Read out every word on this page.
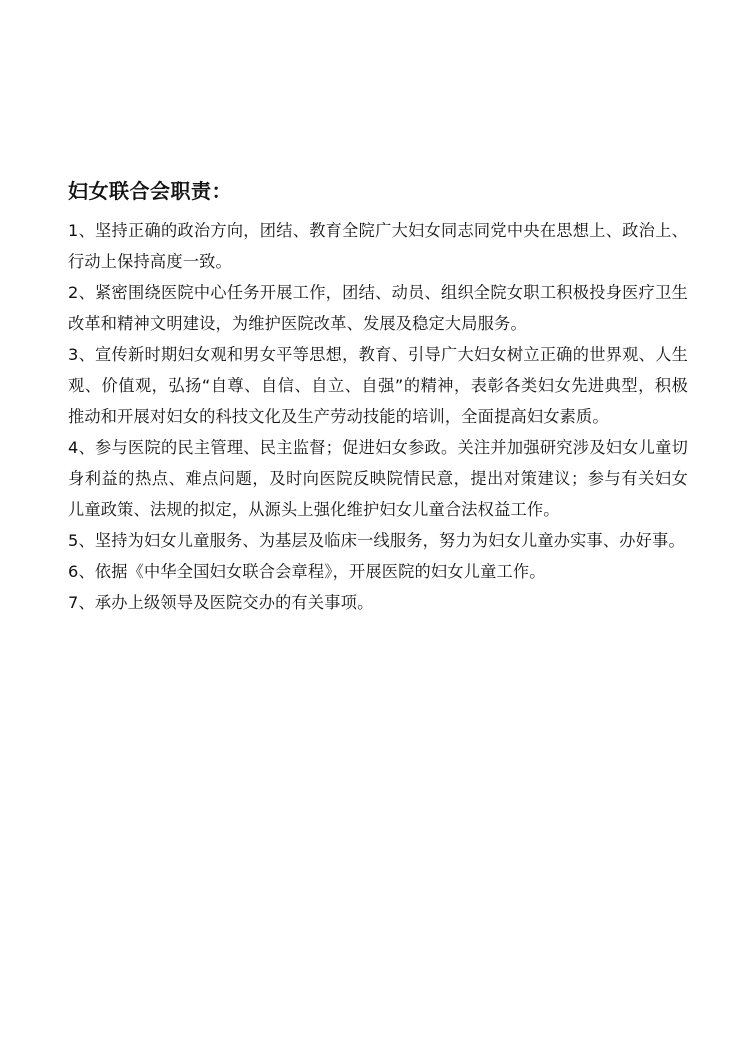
妇女联合会职责：
1、坚持正确的政治方向，团结、教育全院广大妇女同志同党中央在思想上、政治上、行动上保持高度一致。
2、紧密围绕医院中心任务开展工作，团结、动员、组织全院女职工积极投身医疗卫生改革和精神文明建设，为维护医院改革、发展及稳定大局服务。
3、宣传新时期妇女观和男女平等思想，教育、引导广大妇女树立正确的世界观、人生观、价值观，弘扬“自尊、自信、自立、自强”的精神，表彰各类妇女先进典型，积极推动和开展对妇女的科技文化及生产劳动技能的培训，全面提高妇女素质。
4、参与医院的民主管理、民主监督；促进妇女参政。关注并加强研究涉及妇女儿童切身利益的热点、难点问题，及时向医院反映院情民意，提出对策建议；参与有关妇女儿童政策、法规的拟定，从源头上强化维护妇女儿童合法权益工作。
5、坚持为妇女儿童服务、为基层及临床一线服务，努力为妇女儿童办实事、办好事。
6、依据《中华全国妇女联合会章程》，开展医院的妇女儿童工作。
7、承办上级领导及医院交办的有关事项。
